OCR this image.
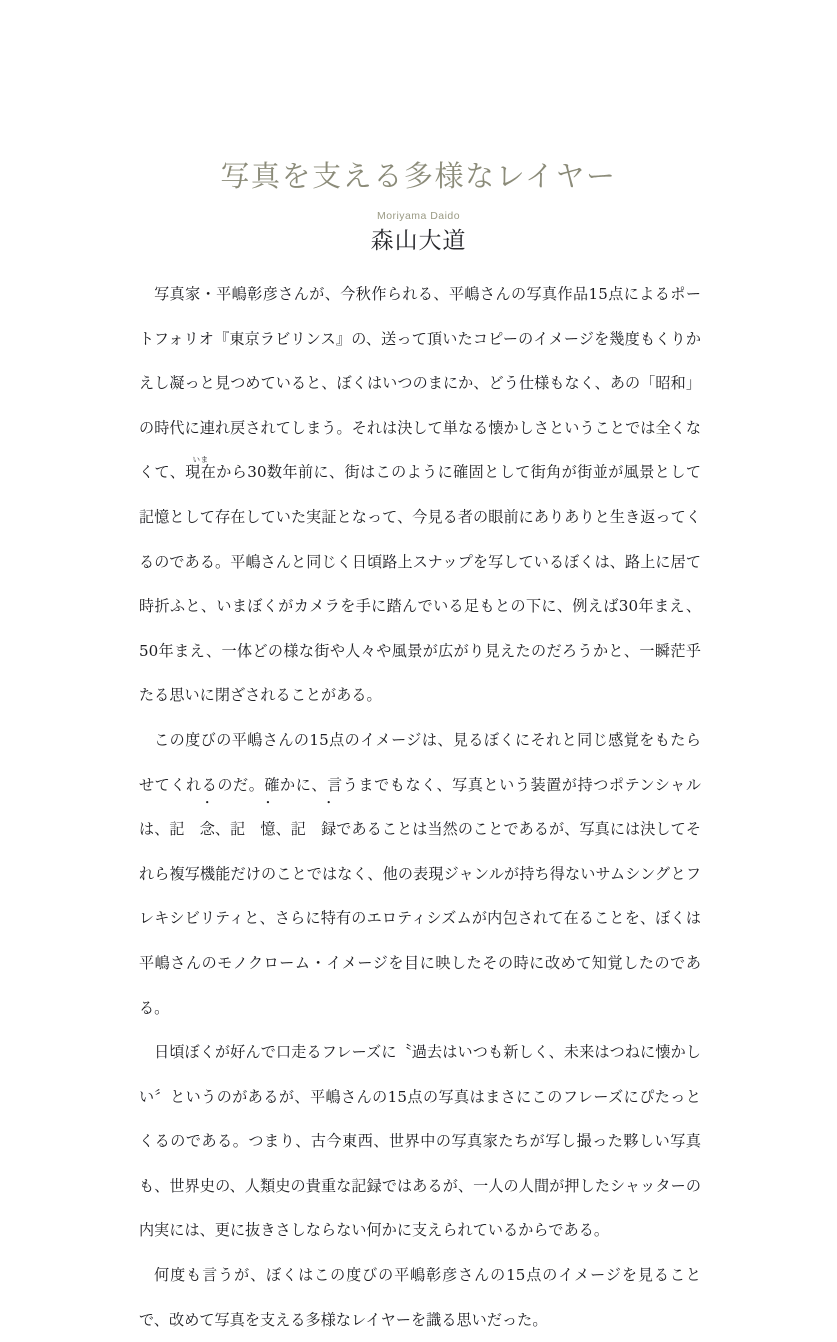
写真を支える多様なレイヤー
Moriyama Daido
森山大道

写真家・平嶋彰彦さんが、今秋作られる、平嶋さんの写真作品15点によるポートフォリオ『東京ラビリンス』の、送って頂いたコピーのイメージを幾度もくりかえし凝っと見つめていると、ぼくはいつのまにか、どう仕様もなく、あの「昭和」の時代に連れ戻されてしまう。それは決して単なる懐かしさということでは全くなくて、現在いまから30数年前に、街はこのように確固として街角が街並が風景として記憶として存在していた実証となって、今見る者の眼前にありありと生き返ってくるのである。平嶋さんと同じく日頃路上スナップを写しているぼくは、路上に居て時折ふと、いまぼくがカメラを手に踏んでいる足もとの下に、例えば30年まえ、50年まえ、一体どの様な街や人々や風景が広がり見えたのだろうかと、一瞬茫乎たる思いに閉ざされることがある。

この度びの平嶋さんの15点のイメージは、見るぼくにそれと同じ感覚をもたらせてくれるのだ。確かに、言うまでもなく、写真という装置が持つポテンシャルは、記 念、記 憶、記 録であることは当然のことであるが、写真には決してそれら複写機能だけのことではなく、他の表現ジャンルが持ち得ないサムシングとフレキシビリティと、さらに特有のエロティシズムが内包されて在ることを、ぼくは平嶋さんのモノクローム・イメージを目に映したその時に改めて知覚したのである。

日頃ぼくが好んで口走るフレーズに〝過去はいつも新しく、未来はつねに懐かしい〞というのがあるが、平嶋さんの15点の写真はまさにこのフレーズにぴたっとくるのである。つまり、古今東西、世界中の写真家たちが写し撮った夥しい写真も、世界史の、人類史の貴重な記録ではあるが、一人の人間が押したシャッターの内実には、更に抜きさしならない何かに支えられているからである。

何度も言うが、ぼくはこの度びの平嶋彰彦さんの15点のイメージを見ることで、改めて写真を支える多様なレイヤーを識る思いだった。
